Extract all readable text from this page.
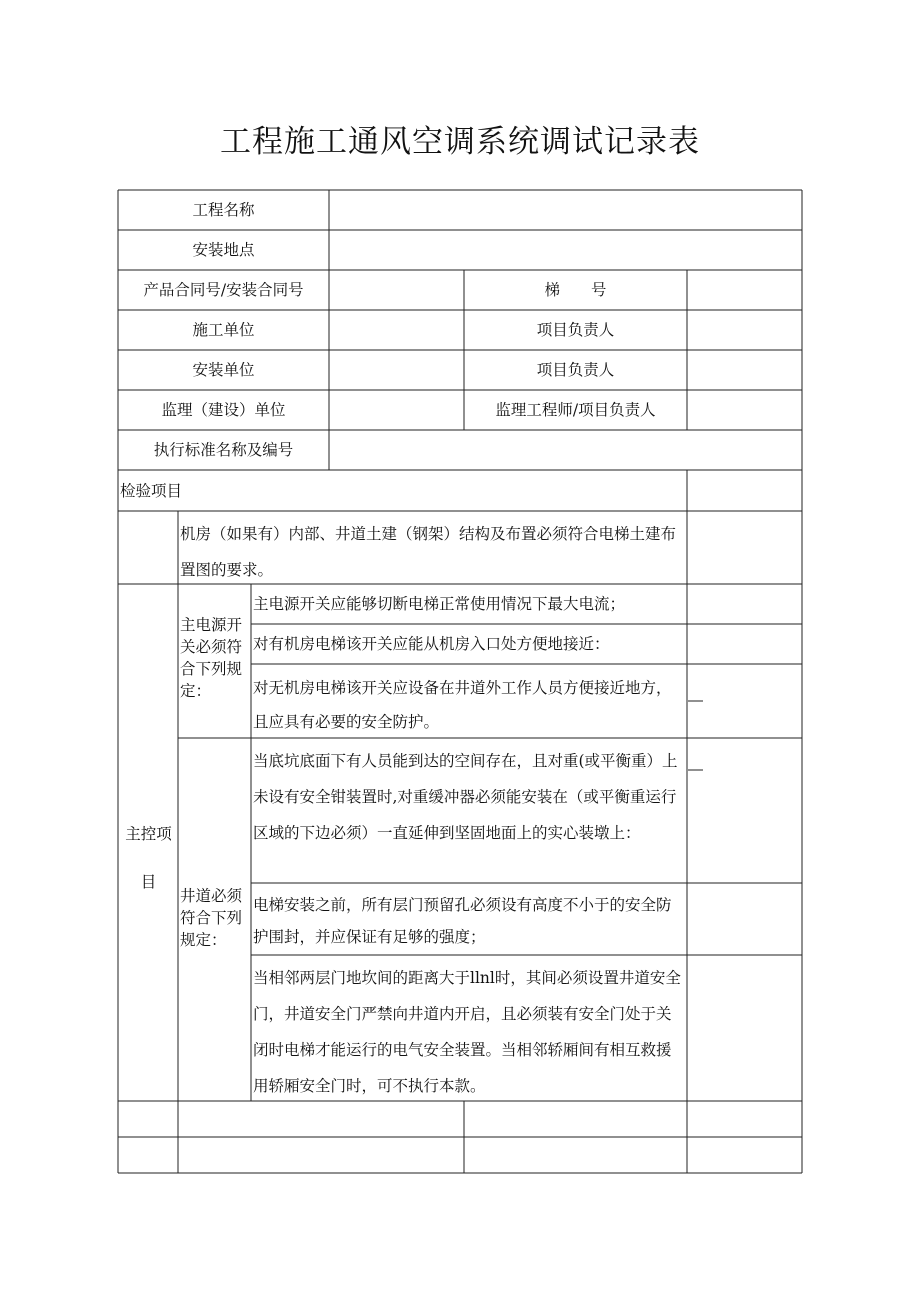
工程施工通风空调系统调试记录表
工程名称
安装地点
产品合同号/安装合同号	梯　　号
施工单位	项目负责人
安装单位	项目负责人
监理（建设）单位	监理工程师/项目负责人
执行标准名称及编号
检验项目
机房（如果有）内部、井道土建（钢架）结构及布置必须符合电梯土建布置图的要求。
主控项目
主电源开关必须符合下列规定：
主电源开关应能够切断电梯正常使用情况下最大电流；
对有机房电梯该开关应能从机房入口处方便地接近：
对无机房电梯该开关应设备在井道外工作人员方便接近地方，且应具有必要的安全防护。
井道必须符合下列规定：
当底坑底面下有人员能到达的空间存在，且对重(或平衡重）上未设有安全钳装置时,对重缓冲器必须能安装在（或平衡重运行区域的下边必须）一直延伸到坚固地面上的实心装墩上：
电梯安装之前，所有层门预留孔必须设有高度不小于的安全防护围封，并应保证有足够的强度；
当相邻两层门地坎间的距离大于llnl时，其间必须设置井道安全门，井道安全门严禁向井道内开启，且必须装有安全门处于关闭时电梯才能运行的电气安全装置。当相邻轿厢间有相互救援用轿厢安全门时，可不执行本款。
